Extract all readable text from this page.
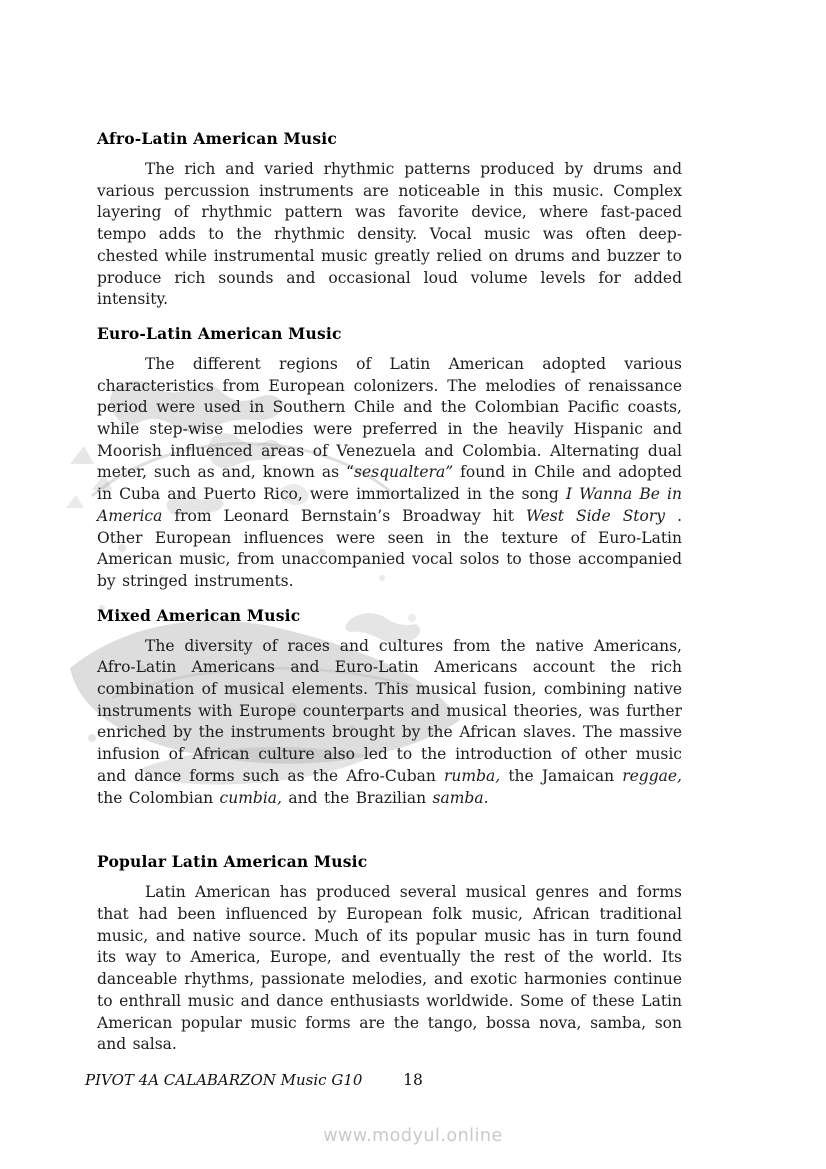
Afro-Latin American Music

The rich and varied rhythmic patterns produced by drums and various percussion instruments are noticeable in this music. Complex layering of rhythmic pattern was favorite device, where fast-paced tempo adds to the rhythmic density. Vocal music was often deep-chested while instrumental music greatly relied on drums and buzzer to produce rich sounds and occasional loud volume levels for added intensity.

Euro-Latin American Music

The different regions of Latin American adopted various characteristics from European colonizers. The melodies of renaissance period were used in Southern Chile and the Colombian Pacific coasts, while step-wise melodies were preferred in the heavily Hispanic and Moorish influenced areas of Venezuela and Colombia. Alternating dual meter, such as and, known as “sesqualtera” found in Chile and adopted in Cuba and Puerto Rico, were immortalized in the song I Wanna Be in America from Leonard Bernstain’s Broadway hit West Side Story . Other European influences were seen in the texture of Euro-Latin American music, from unaccompanied vocal solos to those accompanied by stringed instruments.

Mixed American Music

The diversity of races and cultures from the native Americans, Afro-Latin Americans and Euro-Latin Americans account the rich combination of musical elements. This musical fusion, combining native instruments with Europe counterparts and musical theories, was further enriched by the instruments brought by the African slaves. The massive infusion of African culture also led to the introduction of other music and dance forms such as the Afro-Cuban rumba, the Jamaican reggae, the Colombian cumbia, and the Brazilian samba.

Popular Latin American Music

Latin American has produced several musical genres and forms that had been influenced by European folk music, African traditional music, and native source. Much of its popular music has in turn found its way to America, Europe, and eventually the rest of the world. Its danceable rhythms, passionate melodies, and exotic harmonies continue to enthrall music and dance enthusiasts worldwide. Some of these Latin American popular music forms are the tango, bossa nova, samba, son and salsa.

PIVOT 4A CALABARZON Music G10	18
www.modyul.online
